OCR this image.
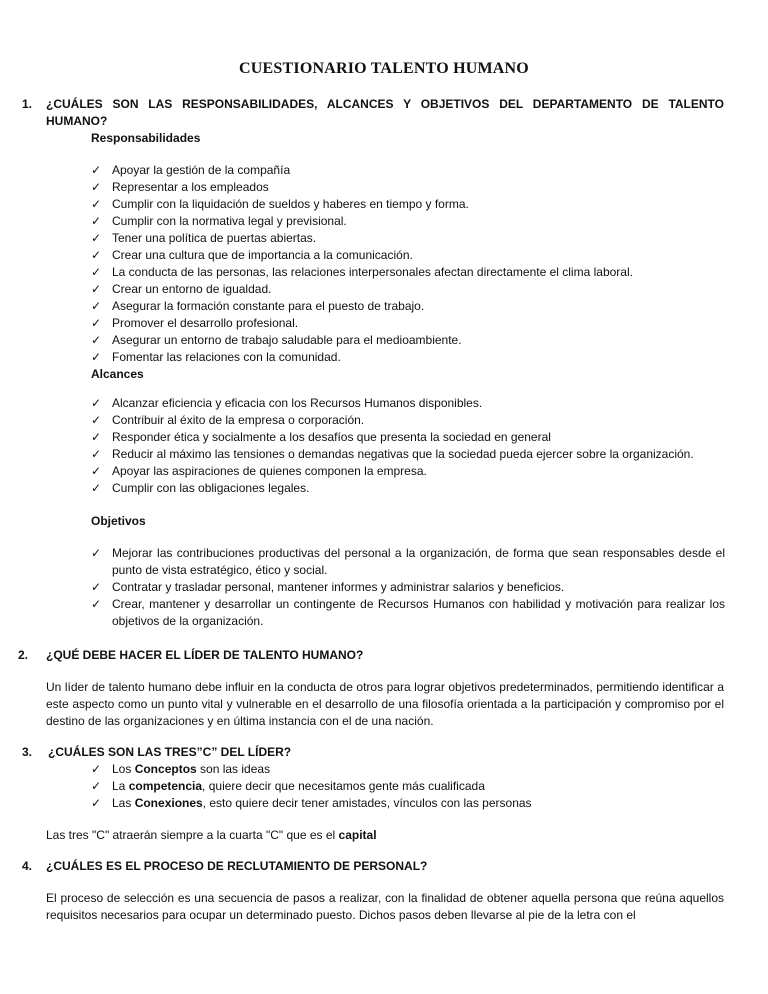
CUESTIONARIO TALENTO HUMANO
1. ¿CUÁLES SON LAS RESPONSABILIDADES, ALCANCES Y OBJETIVOS DEL DEPARTAMENTO DE TALENTO
HUMANO?
Responsabilidades
✓ Apoyar la gestión de la compañía
✓ Representar a los empleados
✓ Cumplir con la liquidación de sueldos y haberes en tiempo y forma.
✓ Cumplir con la normativa legal y previsional.
✓ Tener una política de puertas abiertas.
✓ Crear una cultura que de importancia a la comunicación.
✓ La conducta de las personas, las relaciones interpersonales afectan directamente el clima laboral.
✓ Crear un entorno de igualdad.
✓ Asegurar la formación constante para el puesto de trabajo.
✓ Promover el desarrollo profesional.
✓ Asegurar un entorno de trabajo saludable para el medioambiente.
✓ Fomentar las relaciones con la comunidad.
Alcances
✓ Alcanzar eficiencia y eficacia con los Recursos Humanos disponibles.
✓ Contribuir al éxito de la empresa o corporación.
✓ Responder ética y socialmente a los desafíos que presenta la sociedad en general
✓ Reducir al máximo las tensiones o demandas negativas que la sociedad pueda ejercer sobre la organización.
✓ Apoyar las aspiraciones de quienes componen la empresa.
✓ Cumplir con las obligaciones legales.
Objetivos
✓ Mejorar las contribuciones productivas del personal a la organización, de forma que sean responsables desde el punto de vista estratégico, ético y social.
✓ Contratar y trasladar personal, mantener informes y administrar salarios y beneficios.
✓ Crear, mantener y desarrollar un contingente de Recursos Humanos con habilidad y motivación para realizar los objetivos de la organización.
2. ¿QUÉ DEBE HACER EL LÍDER DE TALENTO HUMANO?
Un líder de talento humano debe influir en la conducta de otros para lograr objetivos predeterminados, permitiendo identificar a este aspecto como un punto vital y vulnerable en el desarrollo de una filosofía orientada a la participación y compromiso por el destino de las organizaciones y en última instancia con el de una nación.
3. ¿CUÁLES SON LAS TRES”C” DEL LÍDER?
✓ Los Conceptos son las ideas
✓ La competencia, quiere decir que necesitamos gente más cualificada
✓ Las Conexiones, esto quiere decir tener amistades, vínculos con las personas
Las tres "C" atraerán siempre a la cuarta "C" que es el capital
4. ¿CUÁLES ES EL PROCESO DE RECLUTAMIENTO DE PERSONAL?
El proceso de selección es una secuencia de pasos a realizar, con la finalidad de obtener aquella persona que reúna aquellos requisitos necesarios para ocupar un determinado puesto. Dichos pasos deben llevarse al pie de la letra con el
